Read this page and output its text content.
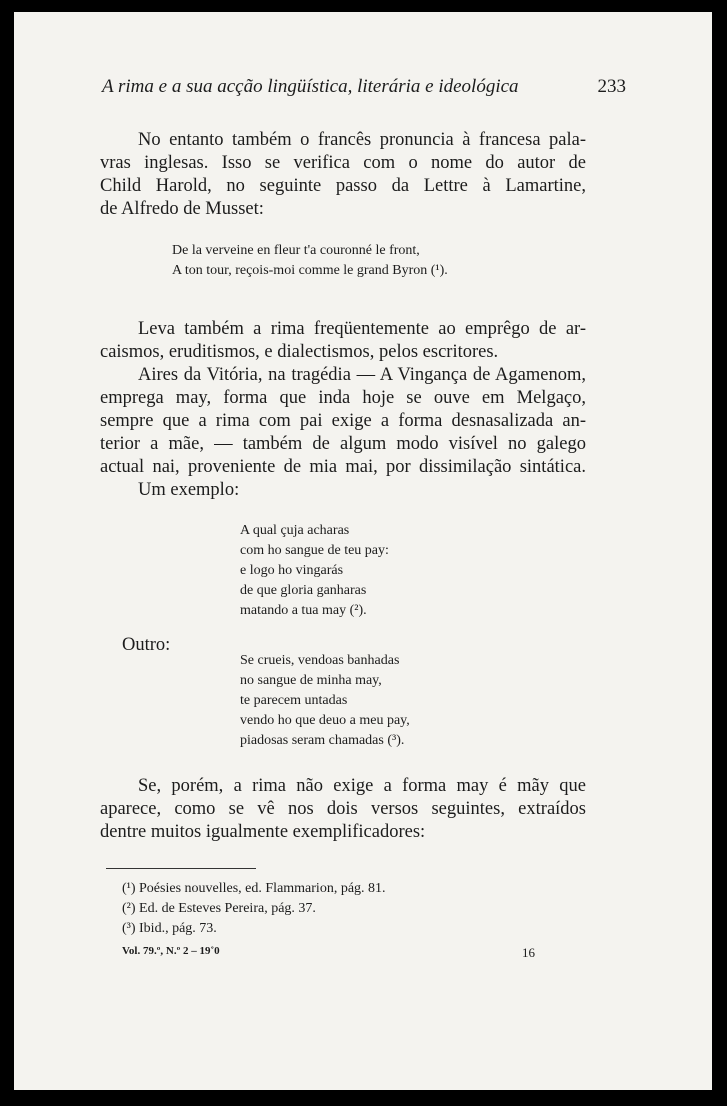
A rima e a sua acção lingüística, literária e ideológica	233
No entanto também o francês pronuncia à francesa pala-
vras inglesas. Isso se verifica com o nome do autor de
Child Harold, no seguinte passo da Lettre à Lamartine,
de Alfredo de Musset:
De la verveine en fleur t'a couronné le front,
A ton tour, reçois-moi comme le grand Byron (¹).
Leva também a rima freqüentemente ao emprêgo de ar-
caismos, eruditismos, e dialectismos, pelos escritores.
Aires da Vitória, na tragédia — A Vingança de Agamenom,
emprega may, forma que inda hoje se ouve em Melgaço,
sempre que a rima com pai exige a forma desnasalizada an-
terior a mãe, — também de algum modo visível no galego
actual nai, proveniente de mia mai, por dissimilação sintática.
Um exemplo:
A qual çuja acharas
com ho sangue de teu pay:
e logo ho vingarás
de que gloria ganharas
matando a tua may (²).
Outro:
Se crueis, vendoas banhadas
no sangue de minha may,
te parecem untadas
vendo ho que deuo a meu pay,
piadosas seram chamadas (³).
Se, porém, a rima não exige a forma may é mãy que
aparece, como se vê nos dois versos seguintes, extraídos
dentre muitos igualmente exemplificadores:
(¹) Poésies nouvelles, ed. Flammarion, pág. 81.
(²) Ed. de Esteves Pereira, pág. 37.
(³) Ibid., pág. 73.
Vol. 79.º, N.º 2 – 19˚0	16
